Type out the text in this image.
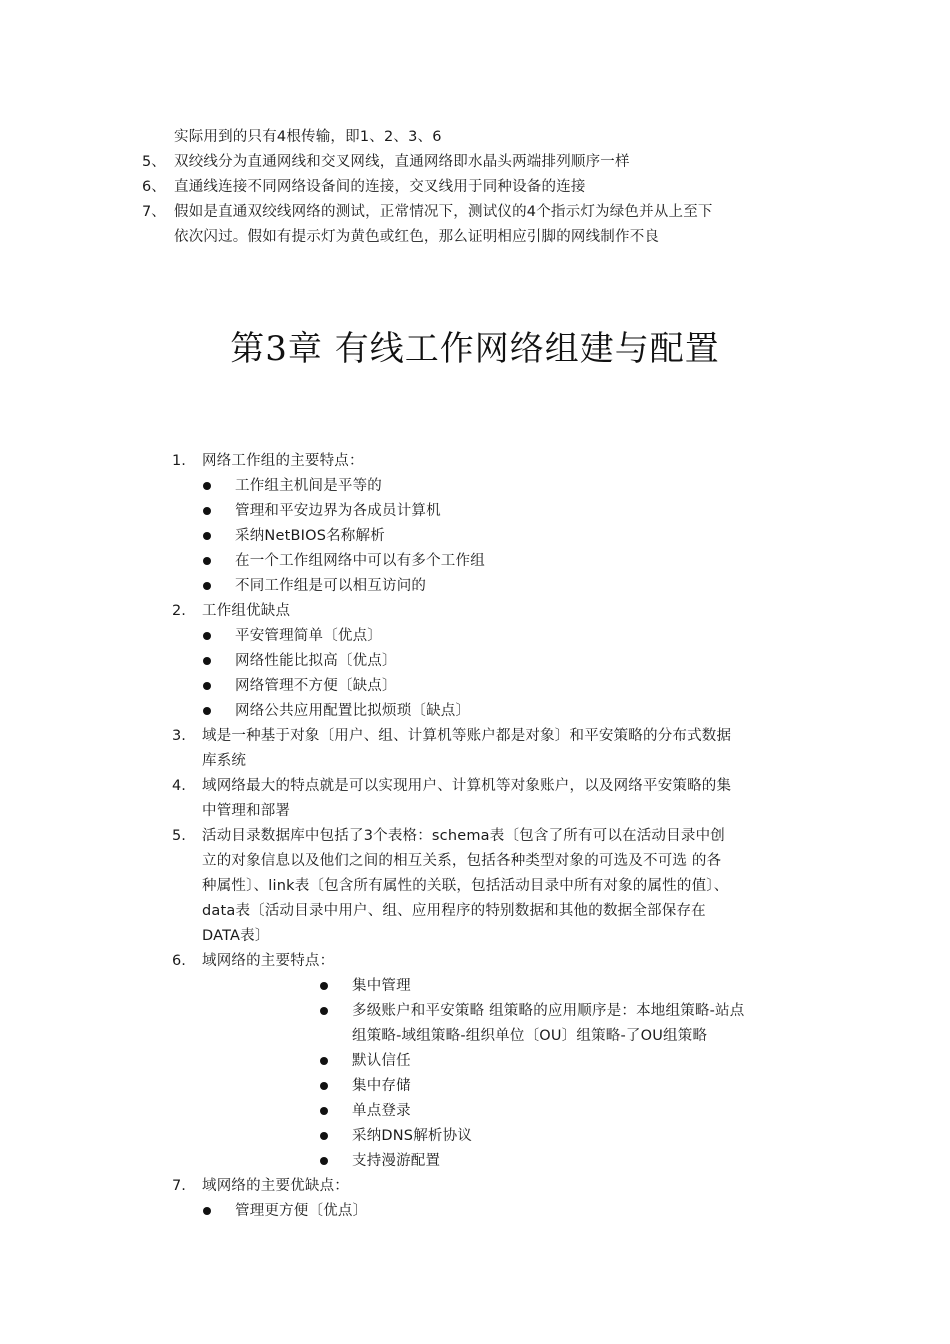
实际用到的只有4根传输，即1、2、3、6
5、 双绞线分为直通网线和交叉网线，直通网络即水晶头两端排列顺序一样
6、 直通线连接不同网络设备间的连接，交叉线用于同种设备的连接
7、 假如是直通双绞线网络的测试，正常情况下，测试仪的4个指示灯为绿色并从上至下
依次闪过。假如有提示灯为黄色或红色，那么证明相应引脚的网线制作不良
第3章 有线工作网络组建与配置
1. 网络工作组的主要特点：
工作组主机间是平等的
管理和平安边界为各成员计算机
采纳NetBIOS名称解析
在一个工作组网络中可以有多个工作组
不同工作组是可以相互访问的
2. 工作组优缺点
平安管理简单〔优点〕
网络性能比拟高〔优点〕
网络管理不方便〔缺点〕
网络公共应用配置比拟烦琐〔缺点〕
3. 域是一种基于对象〔用户、组、计算机等账户都是对象〕和平安策略的分布式数据
库系统
4. 域网络最大的特点就是可以实现用户、计算机等对象账户，以及网络平安策略的集
中管理和部署
5. 活动目录数据库中包括了3个表格：schema表〔包含了所有可以在活动目录中创
立的对象信息以及他们之间的相互关系，包括各种类型对象的可选及不可选 的各
种属性〕、link表〔包含所有属性的关联，包括活动目录中所有对象的属性的值〕、
data表〔活动目录中用户、组、应用程序的特别数据和其他的数据全部保存在
DATA表〕
6. 域网络的主要特点：
集中管理
多级账户和平安策略 组策略的应用顺序是：本地组策略-站点
组策略-域组策略-组织单位〔OU〕组策略-了OU组策略
默认信任
集中存储
单点登录
采纳DNS解析协议
支持漫游配置
7. 域网络的主要优缺点：
管理更方便〔优点〕
